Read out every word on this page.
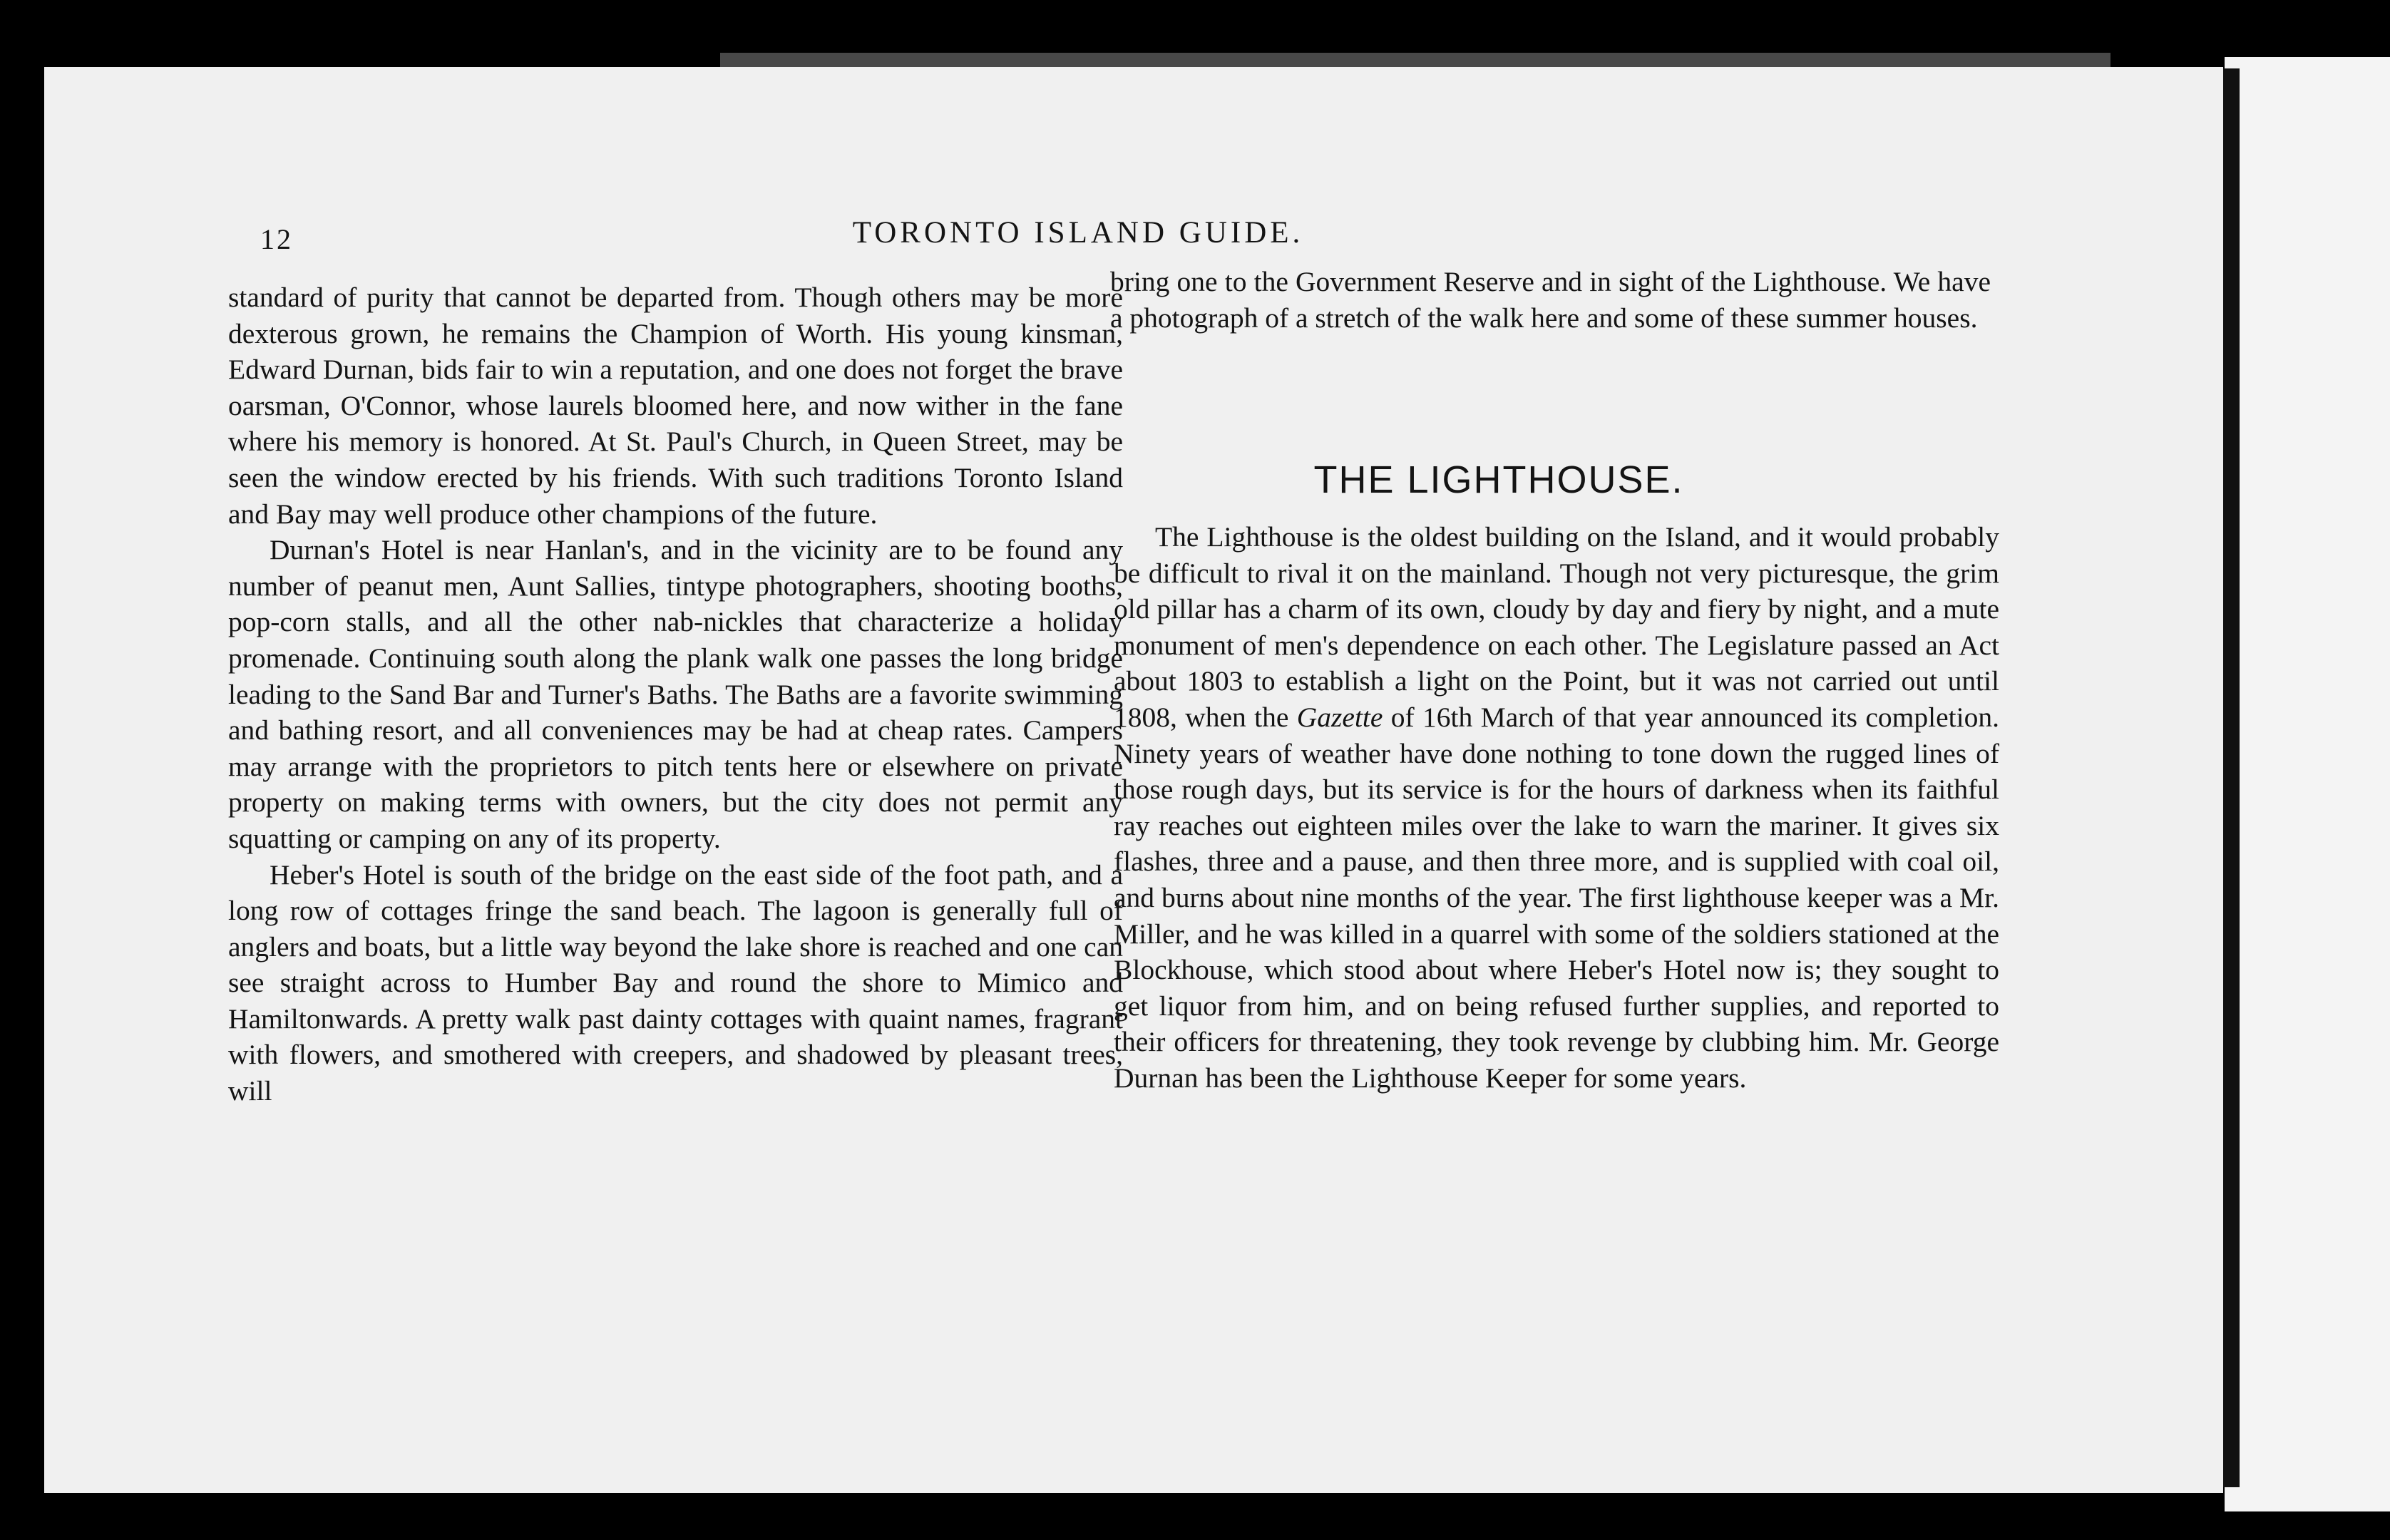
12	TORONTO ISLAND GUIDE.

standard of purity that cannot be departed from. Though others may be more dexterous grown, he remains the Champion of Worth. His young kinsman, Edward Durnan, bids fair to win a reputation, and one does not forget the brave oarsman, O'Connor, whose laurels bloomed here, and now wither in the fane where his memory is honored. At St. Paul's Church, in Queen Street, may be seen the window erected by his friends. With such traditions Toronto Island and Bay may well produce other champions of the future.

Durnan's Hotel is near Hanlan's, and in the vicinity are to be found any number of peanut men, Aunt Sallies, tintype photographers, shooting booths, pop-corn stalls, and all the other nab-nickles that characterize a holiday promenade. Continuing south along the plank walk one passes the long bridge leading to the Sand Bar and Turner's Baths. The Baths are a favorite swimming and bathing resort, and all conveniences may be had at cheap rates. Campers may arrange with the proprietors to pitch tents here or elsewhere on private property on making terms with owners, but the city does not permit any squatting or camping on any of its property.

Heber's Hotel is south of the bridge on the east side of the foot path, and a long row of cottages fringe the sand beach. The lagoon is generally full of anglers and boats, but a little way beyond the lake shore is reached and one can see straight across to Humber Bay and round the shore to Mimico and Hamiltonwards. A pretty walk past dainty cottages with quaint names, fragrant with flowers, and smothered with creepers, and shadowed by pleasant trees, will

bring one to the Government Reserve and in sight of the Lighthouse. We have a photograph of a stretch of the walk here and some of these summer houses.

THE LIGHTHOUSE.

The Lighthouse is the oldest building on the Island, and it would probably be difficult to rival it on the mainland. Though not very picturesque, the grim old pillar has a charm of its own, cloudy by day and fiery by night, and a mute monument of men's dependence on each other. The Legislature passed an Act about 1803 to establish a light on the Point, but it was not carried out until 1808, when the Gazette of 16th March of that year announced its completion. Ninety years of weather have done nothing to tone down the rugged lines of those rough days, but its service is for the hours of darkness when its faithful ray reaches out eighteen miles over the lake to warn the mariner. It gives six flashes, three and a pause, and then three more, and is supplied with coal oil, and burns about nine months of the year. The first lighthouse keeper was a Mr. Miller, and he was killed in a quarrel with some of the soldiers stationed at the Blockhouse, which stood about where Heber's Hotel now is; they sought to get liquor from him, and on being refused further supplies, and reported to their officers for threatening, they took revenge by clubbing him. Mr. George Durnan has been the Lighthouse Keeper for some years.
